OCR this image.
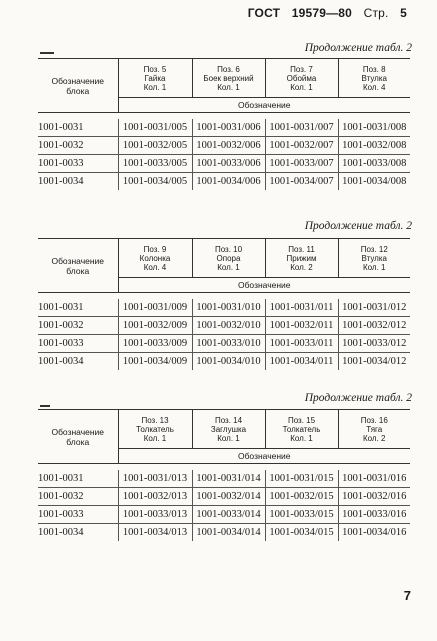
ГОСТ 19579—80 Стр. 5
Продолжение табл. 2
Обозначение
блока	Поз. 5
Гайка
Кол. 1	Поз. 6
Боек верхний
Кол. 1	Поз. 7
Обойма
Кол. 1	Поз. 8
Втулка
Кол. 4

	Обозначение			

1001-0031	1001-0031/005	1001-0031/006	1001-0031/007	1001-0031/008
1001-0032	1001-0032/005	1001-0032/006	1001-0032/007	1001-0032/008
1001-0033	1001-0033/005	1001-0033/006	1001-0033/007	1001-0033/008
1001-0034	1001-0034/005	1001-0034/006	1001-0034/007	1001-0034/008
Продолжение табл. 2
Обозначение
блока	Поз. 9
Колонка
Кол. 4	Поз. 10
Опора
Кол. 1	Поз. 11
Прижим
Кол. 2	Поз. 12
Втулка
Кол. 1

	Обозначение			

1001-0031	1001-0031/009	1001-0031/010	1001-0031/011	1001-0031/012
1001-0032	1001-0032/009	1001-0032/010	1001-0032/011	1001-0032/012
1001-0033	1001-0033/009	1001-0033/010	1001-0033/011	1001-0033/012
1001-0034	1001-0034/009	1001-0034/010	1001-0034/011	1001-0034/012
Продолжение табл. 2
Обозначение
блока	Поз. 13
Толкатель
Кол. 1	Поз. 14
Заглушка
Кол. 1	Поз. 15
Толкатель
Кол. 1	Поз. 16
Тяга
Кол. 2

	Обозначение			

1001-0031	1001-0031/013	1001-0031/014	1001-0031/015	1001-0031/016
1001-0032	1001-0032/013	1001-0032/014	1001-0032/015	1001-0032/016
1001-0033	1001-0033/013	1001-0033/014	1001-0033/015	1001-0033/016
1001-0034	1001-0034/013	1001-0034/014	1001-0034/015	1001-0034/016
7
